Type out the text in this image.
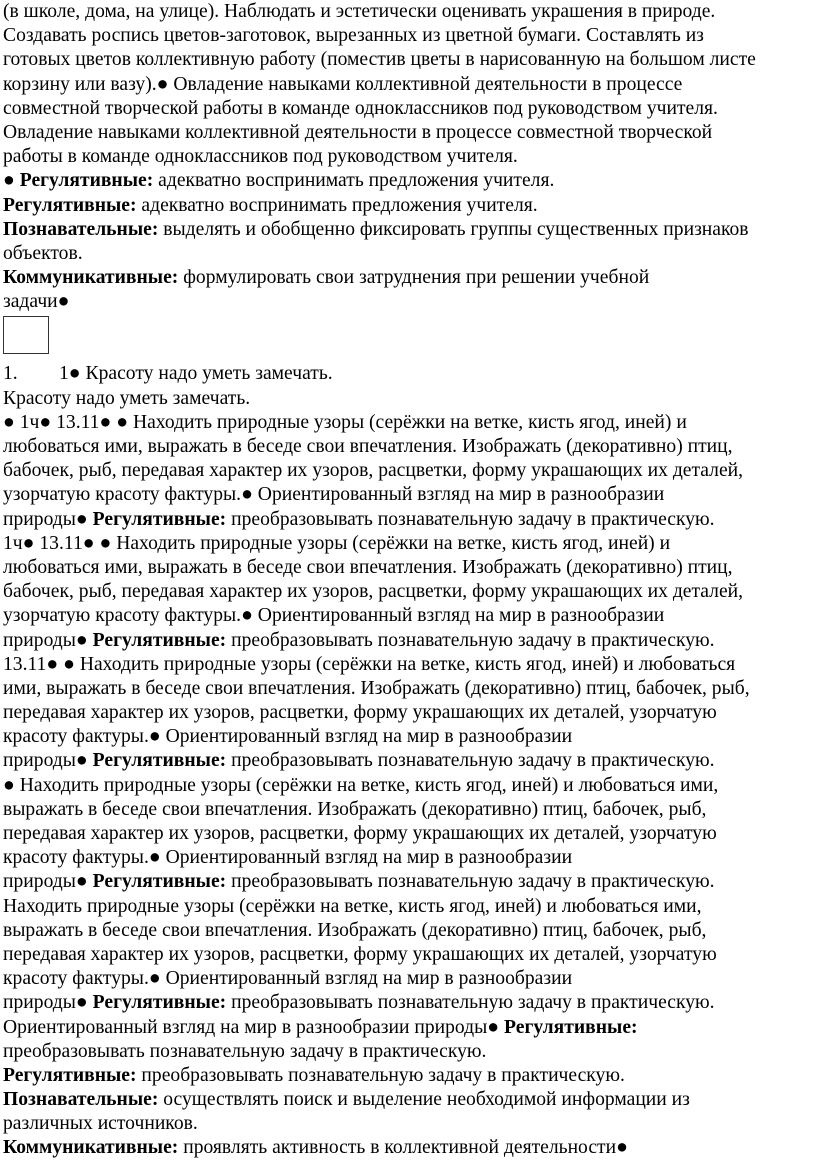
(в школе, дома, на улице). Наблюдать и эстетически оценивать украшения в природе.
Создавать роспись цветов-заготовок, вырезанных из цветной бумаги. Составлять из
готовых цветов коллективную работу (поместив цветы в нарисованную на большом листе
корзину или вазу).● Овладение навыками коллективной деятельности в процессе
совместной творческой работы в команде одноклассников под руководством учителя.
Овладение навыками коллективной деятельности в процессе совместной творческой
работы в команде одноклассников под руководством учителя.
● Регулятивные: адекватно воспринимать предложения учителя.
Регулятивные: адекватно воспринимать предложения учителя.
Познавательные: выделять и обобщенно фиксировать группы существенных признаков
объектов.
Коммуникативные: формулировать свои затруднения при решении учебной
задачи●
1. 1● Красоту надо уметь замечать.
Красоту надо уметь замечать.
● 1ч● 13.11● ● Находить природные узоры (серёжки на ветке, кисть ягод, иней) и
любоваться ими, выражать в беседе свои впечатления. Изображать (декоративно) птиц,
бабочек, рыб, передавая характер их узоров, расцветки, форму украшающих их деталей,
узорчатую красоту фактуры.● Ориентированный взгляд на мир в разнообразии
природы● Регулятивные: преобразовывать познавательную задачу в практическую.
1ч● 13.11● ● Находить природные узоры (серёжки на ветке, кисть ягод, иней) и
любоваться ими, выражать в беседе свои впечатления. Изображать (декоративно) птиц,
бабочек, рыб, передавая характер их узоров, расцветки, форму украшающих их деталей,
узорчатую красоту фактуры.● Ориентированный взгляд на мир в разнообразии
природы● Регулятивные: преобразовывать познавательную задачу в практическую.
13.11● ● Находить природные узоры (серёжки на ветке, кисть ягод, иней) и любоваться
ими, выражать в беседе свои впечатления. Изображать (декоративно) птиц, бабочек, рыб,
передавая характер их узоров, расцветки, форму украшающих их деталей, узорчатую
красоту фактуры.● Ориентированный взгляд на мир в разнообразии
природы● Регулятивные: преобразовывать познавательную задачу в практическую.
● Находить природные узоры (серёжки на ветке, кисть ягод, иней) и любоваться ими,
выражать в беседе свои впечатления. Изображать (декоративно) птиц, бабочек, рыб,
передавая характер их узоров, расцветки, форму украшающих их деталей, узорчатую
красоту фактуры.● Ориентированный взгляд на мир в разнообразии
природы● Регулятивные: преобразовывать познавательную задачу в практическую.
Находить природные узоры (серёжки на ветке, кисть ягод, иней) и любоваться ими,
выражать в беседе свои впечатления. Изображать (декоративно) птиц, бабочек, рыб,
передавая характер их узоров, расцветки, форму украшающих их деталей, узорчатую
красоту фактуры.● Ориентированный взгляд на мир в разнообразии
природы● Регулятивные: преобразовывать познавательную задачу в практическую.
Ориентированный взгляд на мир в разнообразии природы● Регулятивные:
преобразовывать познавательную задачу в практическую.
Регулятивные: преобразовывать познавательную задачу в практическую.
Познавательные: осуществлять поиск и выделение необходимой информации из
различных источников.
Коммуникативные: проявлять активность в коллективной деятельности●
